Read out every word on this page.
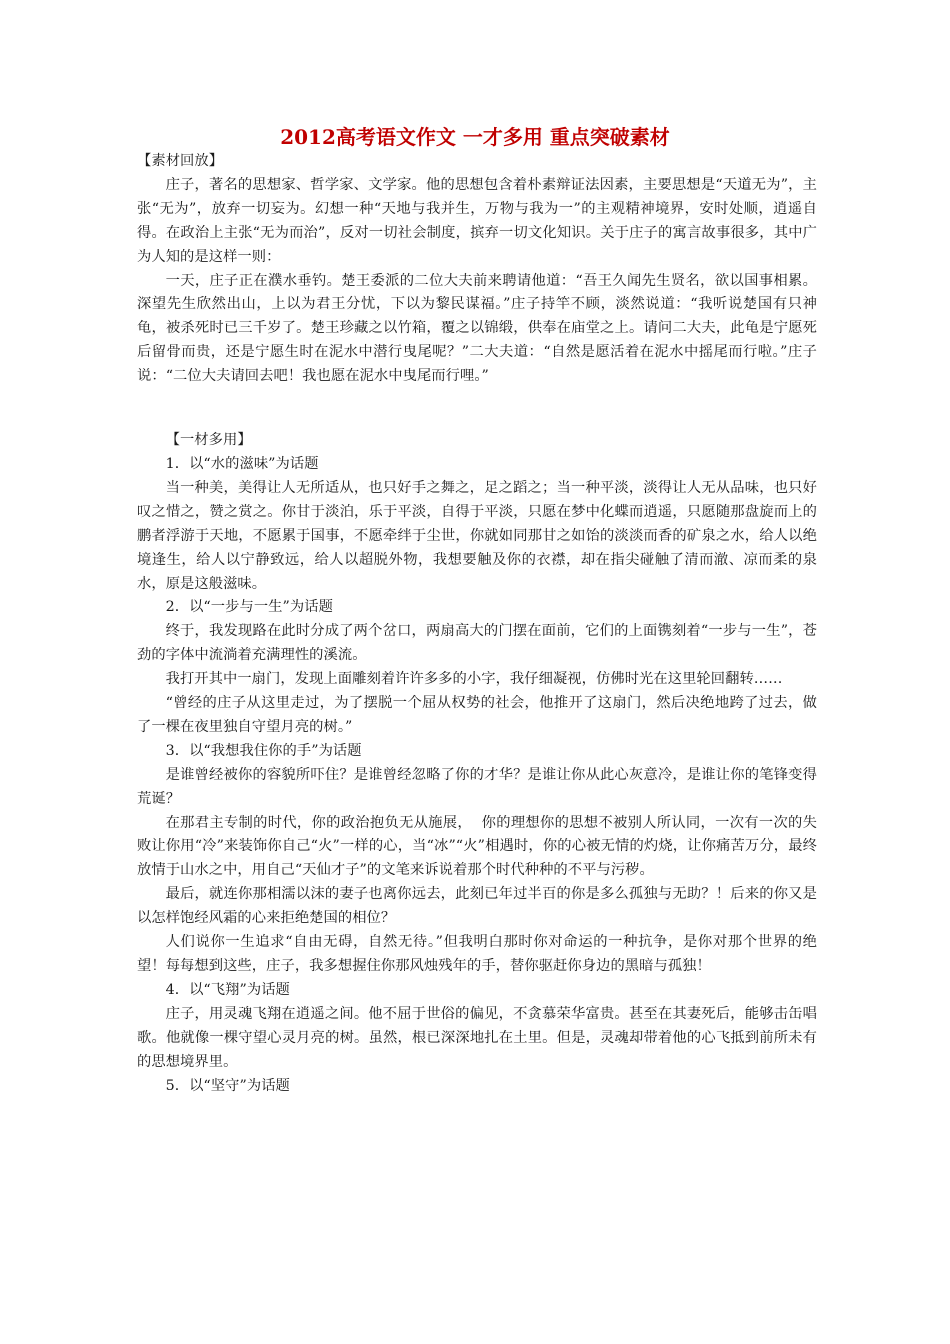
2012高考语文作文 一才多用 重点突破素材

【素材回放】

庄子，著名的思想家、哲学家、文学家。他的思想包含着朴素辩证法因素，主要思想是“天道无为”，主张“无为”，放弃一切妄为。幻想一种“天地与我并生，万物与我为一”的主观精神境界，安时处顺，逍遥自得。在政治上主张“无为而治”，反对一切社会制度，摈弃一切文化知识。关于庄子的寓言故事很多，其中广为人知的是这样一则：

一天，庄子正在濮水垂钓。楚王委派的二位大夫前来聘请他道：“吾王久闻先生贤名，欲以国事相累。深望先生欣然出山，上以为君王分忧，下以为黎民谋福。”庄子持竿不顾，淡然说道：“我听说楚国有只神龟，被杀死时已三千岁了。楚王珍藏之以竹箱，覆之以锦缎，供奉在庙堂之上。请问二大夫，此龟是宁愿死后留骨而贵，还是宁愿生时在泥水中潜行曳尾呢？”二大夫道：“自然是愿活着在泥水中摇尾而行啦。”庄子说：“二位大夫请回去吧！我也愿在泥水中曳尾而行哩。”

【一材多用】

1．以“水的滋味”为话题

当一种美，美得让人无所适从，也只好手之舞之，足之蹈之；当一种平淡，淡得让人无从品味，也只好叹之惜之，赞之赏之。你甘于淡泊，乐于平淡，自得于平淡，只愿在梦中化蝶而逍遥，只愿随那盘旋而上的鹏者浮游于天地，不愿累于国事，不愿牵绊于尘世，你就如同那甘之如饴的淡淡而香的矿泉之水，给人以绝境逢生，给人以宁静致远，给人以超脱外物，我想要触及你的衣襟，却在指尖碰触了清而澈、凉而柔的泉水，原是这般滋味。

2．以“一步与一生”为话题

终于，我发现路在此时分成了两个岔口，两扇高大的门摆在面前，它们的上面镌刻着“一步与一生”，苍劲的字体中流淌着充满理性的溪流。

我打开其中一扇门，发现上面雕刻着许许多多的小字，我仔细凝视，仿佛时光在这里轮回翻转……

“曾经的庄子从这里走过，为了摆脱一个屈从权势的社会，他推开了这扇门，然后决绝地跨了过去，做了一棵在夜里独自守望月亮的树。”

3．以“我想我住你的手”为话题

是谁曾经被你的容貌所吓住？是谁曾经忽略了你的才华？是谁让你从此心灰意冷，是谁让你的笔锋变得荒诞？

在那君主专制的时代，你的政治抱负无从施展，  你的理想你的思想不被别人所认同，一次有一次的失败让你用“冷”来装饰你自己“火”一样的心，当“冰”“火”相遇时，你的心被无情的灼烧，让你痛苦万分，最终放情于山水之中，用自己“天仙才子”的文笔来诉说着那个时代种种的不平与污秽。

最后，就连你那相濡以沫的妻子也离你远去，此刻已年过半百的你是多么孤独与无助？！后来的你又是以怎样饱经风霜的心来拒绝楚国的相位？

人们说你一生追求“自由无碍，自然无待。”但我明白那时你对命运的一种抗争，是你对那个世界的绝望！每每想到这些，庄子，我多想握住你那风烛残年的手，替你驱赶你身边的黑暗与孤独！

4．以“飞翔”为话题

庄子，用灵魂飞翔在逍遥之间。他不屈于世俗的偏见，不贪慕荣华富贵。甚至在其妻死后，能够击缶唱歌。他就像一棵守望心灵月亮的树。虽然，根已深深地扎在土里。但是，灵魂却带着他的心飞抵到前所未有的思想境界里。

5．以“坚守”为话题
